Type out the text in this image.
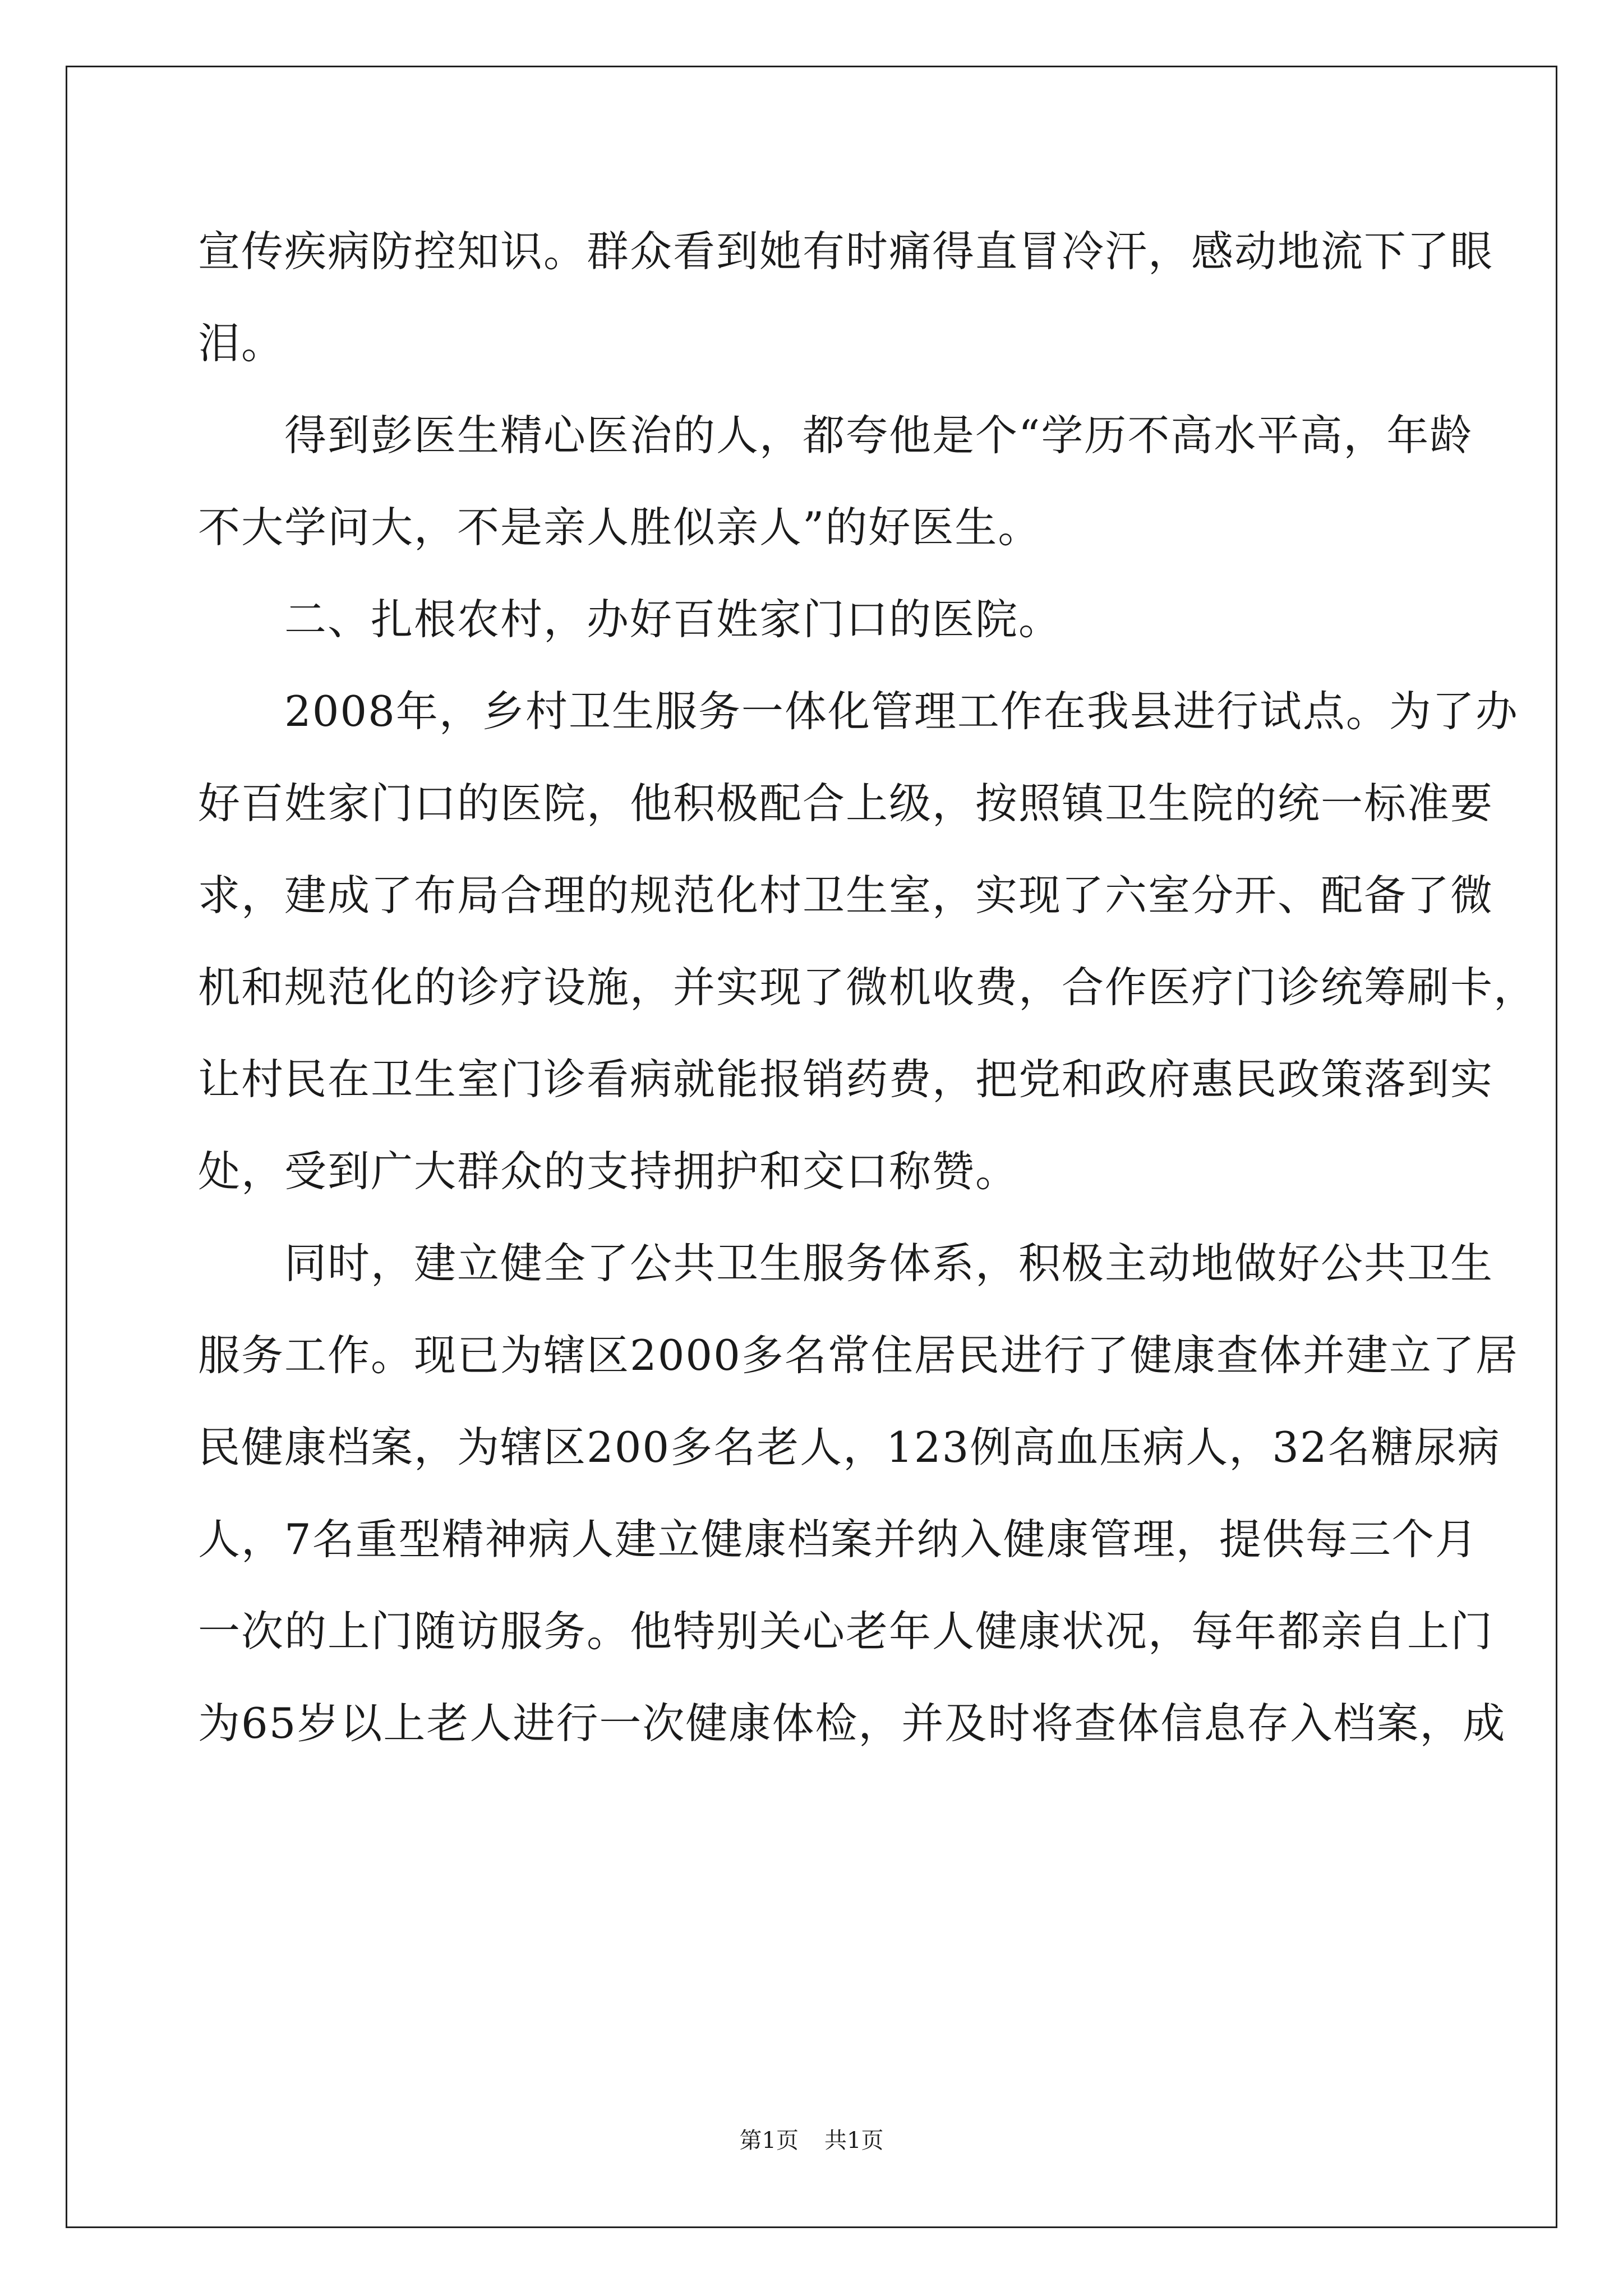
宣传疾病防控知识。群众看到她有时痛得直冒冷汗，感动地流下了眼
泪。
　　得到彭医生精心医治的人，都夸他是个“学历不高水平高，年龄
不大学问大，不是亲人胜似亲人”的好医生。
　　二、扎根农村，办好百姓家门口的医院。
　　2008年，乡村卫生服务一体化管理工作在我县进行试点。为了办
好百姓家门口的医院，他积极配合上级，按照镇卫生院的统一标准要
求，建成了布局合理的规范化村卫生室，实现了六室分开、配备了微
机和规范化的诊疗设施，并实现了微机收费，合作医疗门诊统筹刷卡，
让村民在卫生室门诊看病就能报销药费，把党和政府惠民政策落到实
处，受到广大群众的支持拥护和交口称赞。
　　同时，建立健全了公共卫生服务体系，积极主动地做好公共卫生
服务工作。现已为辖区2000多名常住居民进行了健康查体并建立了居
民健康档案，为辖区200多名老人，123例高血压病人，32名糖尿病
人，7名重型精神病人建立健康档案并纳入健康管理，提供每三个月
一次的上门随访服务。他特别关心老年人健康状况，每年都亲自上门
为65岁以上老人进行一次健康体检，并及时将查体信息存入档案，成
第1页 共1页
